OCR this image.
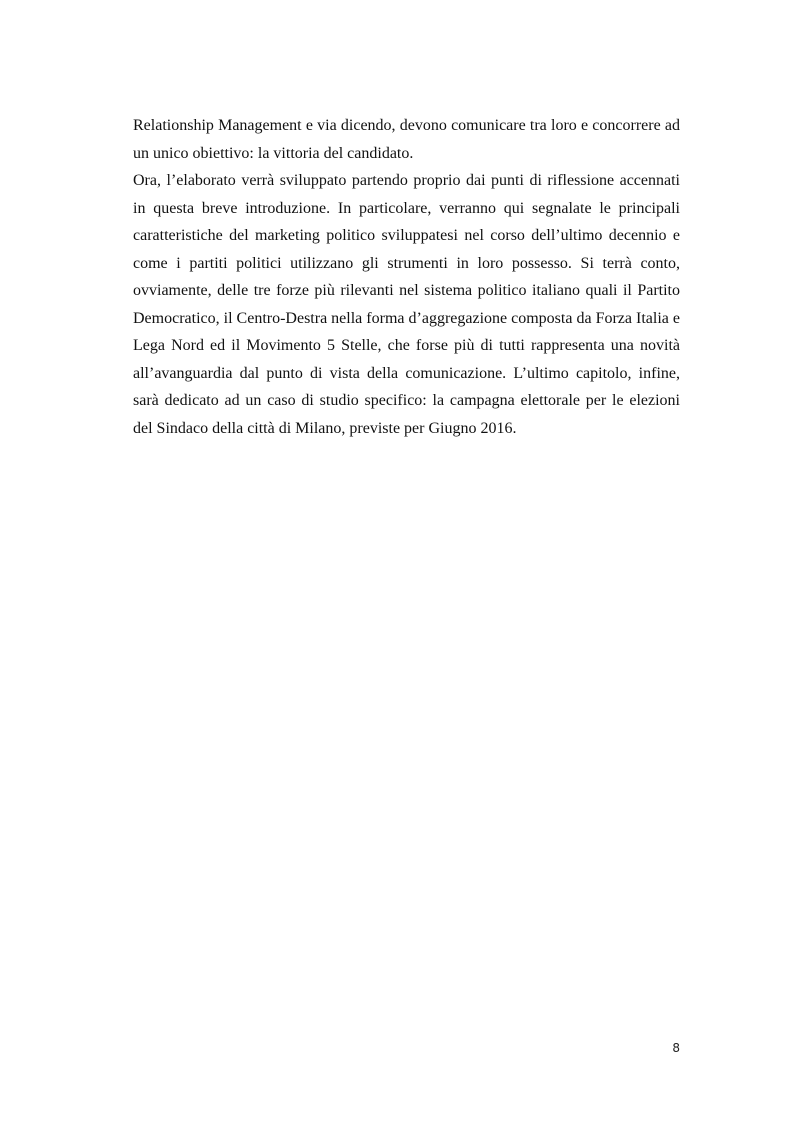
Relationship Management e via dicendo, devono comunicare tra loro e concorrere ad un unico obiettivo: la vittoria del candidato.

Ora, l’elaborato verrà sviluppato partendo proprio dai punti di riflessione accennati in questa breve introduzione. In particolare, verranno qui segnalate le principali caratteristiche del marketing politico sviluppatesi nel corso dell’ultimo decennio e come i partiti politici utilizzano gli strumenti in loro possesso. Si terrà conto, ovviamente, delle tre forze più rilevanti nel sistema politico italiano quali il Partito Democratico, il Centro-Destra nella forma d’aggregazione composta da Forza Italia e Lega Nord ed il Movimento 5 Stelle, che forse più di tutti rappresenta una novità all’avanguardia dal punto di vista della comunicazione. L’ultimo capitolo, infine, sarà dedicato ad un caso di studio specifico: la campagna elettorale per le elezioni del Sindaco della città di Milano, previste per Giugno 2016.

8
